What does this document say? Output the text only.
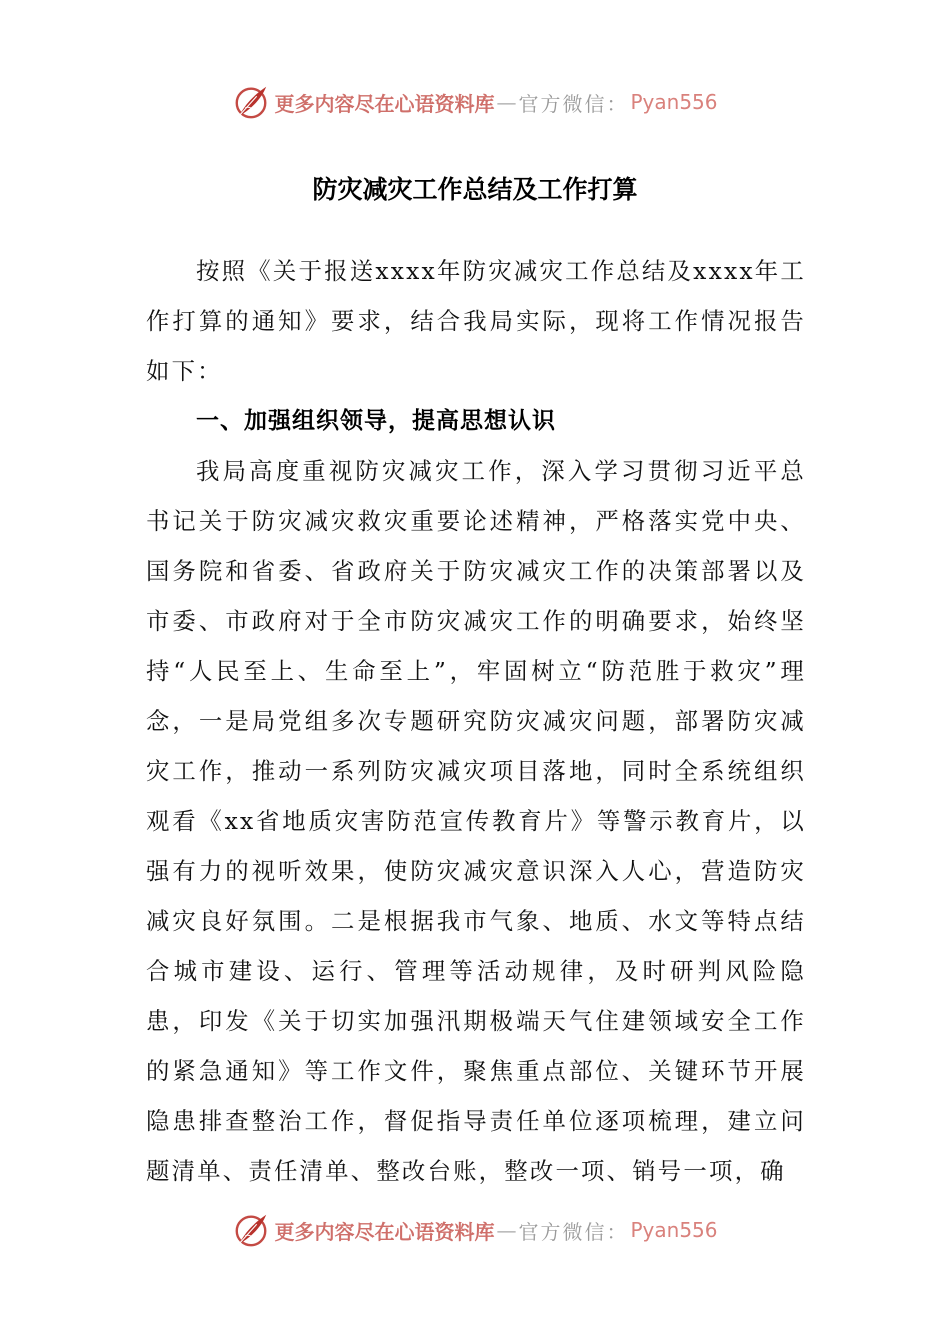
更多内容尽在心语资料库 — 官方微信： Pyan556
防灾减灾工作总结及工作打算

按照《关于报送xxxx年防灾减灾工作总结及xxxx年工作打算的通知》要求，结合我局实际，现将工作情况报告如下：

一、加强组织领导，提高思想认识

我局高度重视防灾减灾工作，深入学习贯彻习近平总书记关于防灾减灾救灾重要论述精神，严格落实党中央、国务院和省委、省政府关于防灾减灾工作的决策部署以及市委、市政府对于全市防灾减灾工作的明确要求，始终坚持“人民至上、生命至上”，牢固树立“防范胜于救灾”理念，一是局党组多次专题研究防灾减灾问题，部署防灾减灾工作，推动一系列防灾减灾项目落地，同时全系统组织观看《xx省地质灾害防范宣传教育片》等警示教育片，以强有力的视听效果，使防灾减灾意识深入人心，营造防灾减灾良好氛围。二是根据我市气象、地质、水文等特点结合城市建设、运行、管理等活动规律，及时研判风险隐患，印发《关于切实加强汛期极端天气住建领域安全工作的紧急通知》等工作文件，聚焦重点部位、关键环节开展隐患排查整治工作，督促指导责任单位逐项梳理，建立问题清单、责任清单、整改台账，整改一项、销号一项，确

更多内容尽在心语资料库 — 官方微信： Pyan556
